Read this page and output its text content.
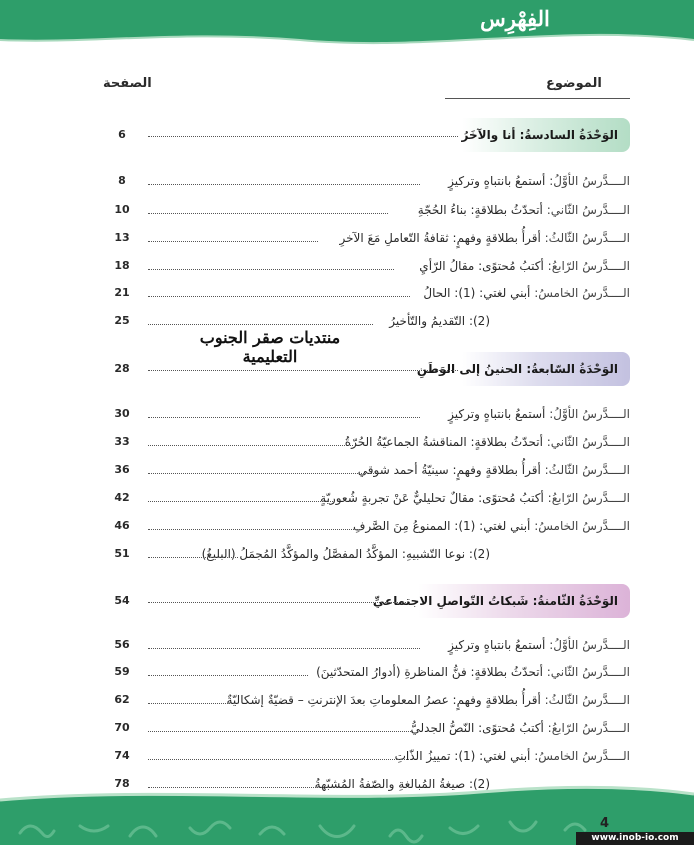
الفِهْرِس
الموضوع
الصفحة
الوَحْدَةُ السادسةُ: أنا والآخَرُ
6
الــــدَّرسُ الأوَّلُ: أستمعُ بانتباهٍ وتركيزٍ
8
الــــدَّرسُ الثّاني: أتحدّثُ بطلاقةٍ: بناءُ الحُجّةِ
10
الــــدَّرسُ الثّالثُ: أقرأُ بطلاقةٍ وفهمٍ: ثقافةُ التّعاملِ مَعَ الآخرِ
13
الــــدَّرسُ الرّابعُ: أكتبُ مُحتوًى: مقالُ الرّأيِ
18
الــــدَّرسُ الخامسُ: أبني لغتي: (1): الحالُ
21
(2): التّقديمُ والتّأخيرُ
25
منتديات صقر الجنوب التعليمية
الوَحْدَةُ السّابعةُ: الحنينُ إلى الوَطَنِ
28
الــــدَّرسُ الأوَّلُ: أستمعُ بانتباهٍ وتركيزٍ
30
الــــدَّرسُ الثّاني: أتحدّثُ بطلاقةٍ: المناقشةُ الجماعيّةُ الحُرّةُ
33
الــــدَّرسُ الثّالثُ: أقرأُ بطلاقةٍ وفهمٍ: سينيّةُ أحمد شوقي
36
الــــدَّرسُ الرّابعُ: أكتبُ مُحتوًى: مقالٌ تحليليٌّ عَنْ تجربةٍ شُعوريّةٍ
42
الــــدَّرسُ الخامسُ: أبني لغتي: (1): الممنوعُ مِنَ الصَّرفِ
46
(2): نوعا التّشبيهِ: المؤكَّدُ المفصَّلُ والمؤكَّدُ المُجمَلُ (البليغُ)
51
الوَحْدَةُ الثّامنةُ: شَبكاتُ التّواصلِ الاجتماعيِّ
54
الــــدَّرسُ الأوَّلُ: أستمعُ بانتباهٍ وتركيزٍ
56
الــــدَّرسُ الثّاني: أتحدّثُ بطلاقةٍ: فنُّ المناظرةِ (أدوارُ المتحدّثينَ)
59
الــــدَّرسُ الثّالثُ: أقرأُ بطلاقةٍ وفهمٍ: عصرُ المعلوماتِ بعدَ الإنترنتِ – قضيّةٌ إشكاليّةٌ
62
الــــدَّرسُ الرّابعُ: أكتبُ مُحتوًى: النّصُّ الجدليُّ
70
الــــدَّرسُ الخامسُ: أبني لغتي: (1): تمييزُ الذّاتِ
74
(2): صيغةُ المُبالغةِ والصّفةُ المُشبّهةُ
78
4
www.inob-io.com
